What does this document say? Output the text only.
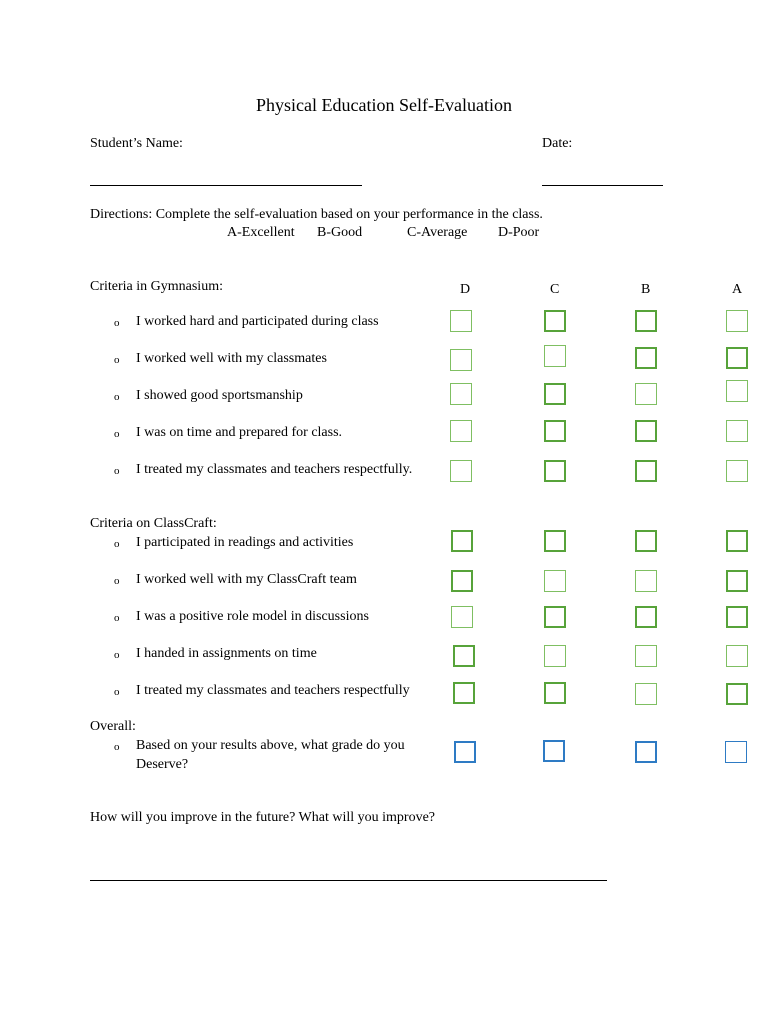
Physical Education Self-Evaluation
Student’s Name:	Date:
Directions: Complete the self-evaluation based on your performance in the class.
A-Excellent B-Good	C-Average D-Poor
Criteria in Gymnasium:	D	C	B	A
o I worked hard and participated during class
o I worked well with my classmates
o I showed good sportsmanship
o I was on time and prepared for class.
o I treated my classmates and teachers respectfully.
Criteria on ClassCraft:
o I participated in readings and activities
o I worked well with my ClassCraft team
o I was a positive role model in discussions
o I handed in assignments on time
o I treated my classmates and teachers respectfully
Overall:
o Based on your results above, what grade do you
Deserve?
How will you improve in the future? What will you improve?
